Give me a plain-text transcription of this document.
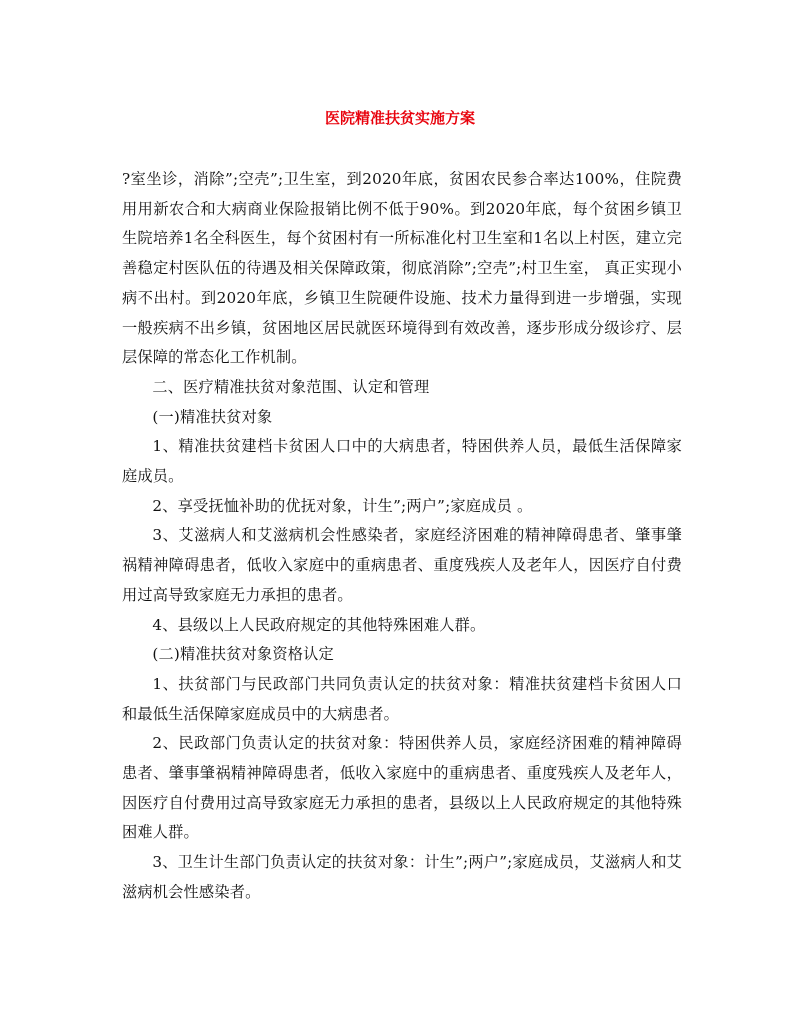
医院精准扶贫实施方案

?室坐诊，消除”;空壳”;卫生室，到2020年底，贫困农民参合率达100%，住院费用用新农合和大病商业保险报销比例不低于90%。到2020年底，每个贫困乡镇卫生院培养1名全科医生，每个贫困村有一所标准化村卫生室和1名以上村医，建立完善稳定村医队伍的待遇及相关保障政策，彻底消除”;空壳”;村卫生室， 真正实现小病不出村。到2020年底，乡镇卫生院硬件设施、技术力量得到进一步增强，实现一般疾病不出乡镇，贫困地区居民就医环境得到有效改善，逐步形成分级诊疗、层层保障的常态化工作机制。

二、医疗精准扶贫对象范围、认定和管理

(一)精准扶贫对象

1、精准扶贫建档卡贫困人口中的大病患者，特困供养人员，最低生活保障家庭成员。

2、享受抚恤补助的优抚对象，计生”;两户”;家庭成员 。

3、艾滋病人和艾滋病机会性感染者，家庭经济困难的精神障碍患者、肇事肇祸精神障碍患者，低收入家庭中的重病患者、重度残疾人及老年人，因医疗自付费用过高导致家庭无力承担的患者。

4、县级以上人民政府规定的其他特殊困难人群。

(二)精准扶贫对象资格认定

1、扶贫部门与民政部门共同负责认定的扶贫对象：精准扶贫建档卡贫困人口和最低生活保障家庭成员中的大病患者。

2、民政部门负责认定的扶贫对象：特困供养人员，家庭经济困难的精神障碍患者、肇事肇祸精神障碍患者，低收入家庭中的重病患者、重度残疾人及老年人，因医疗自付费用过高导致家庭无力承担的患者，县级以上人民政府规定的其他特殊困难人群。

3、卫生计生部门负责认定的扶贫对象：计生”;两户”;家庭成员，艾滋病人和艾滋病机会性感染者。
